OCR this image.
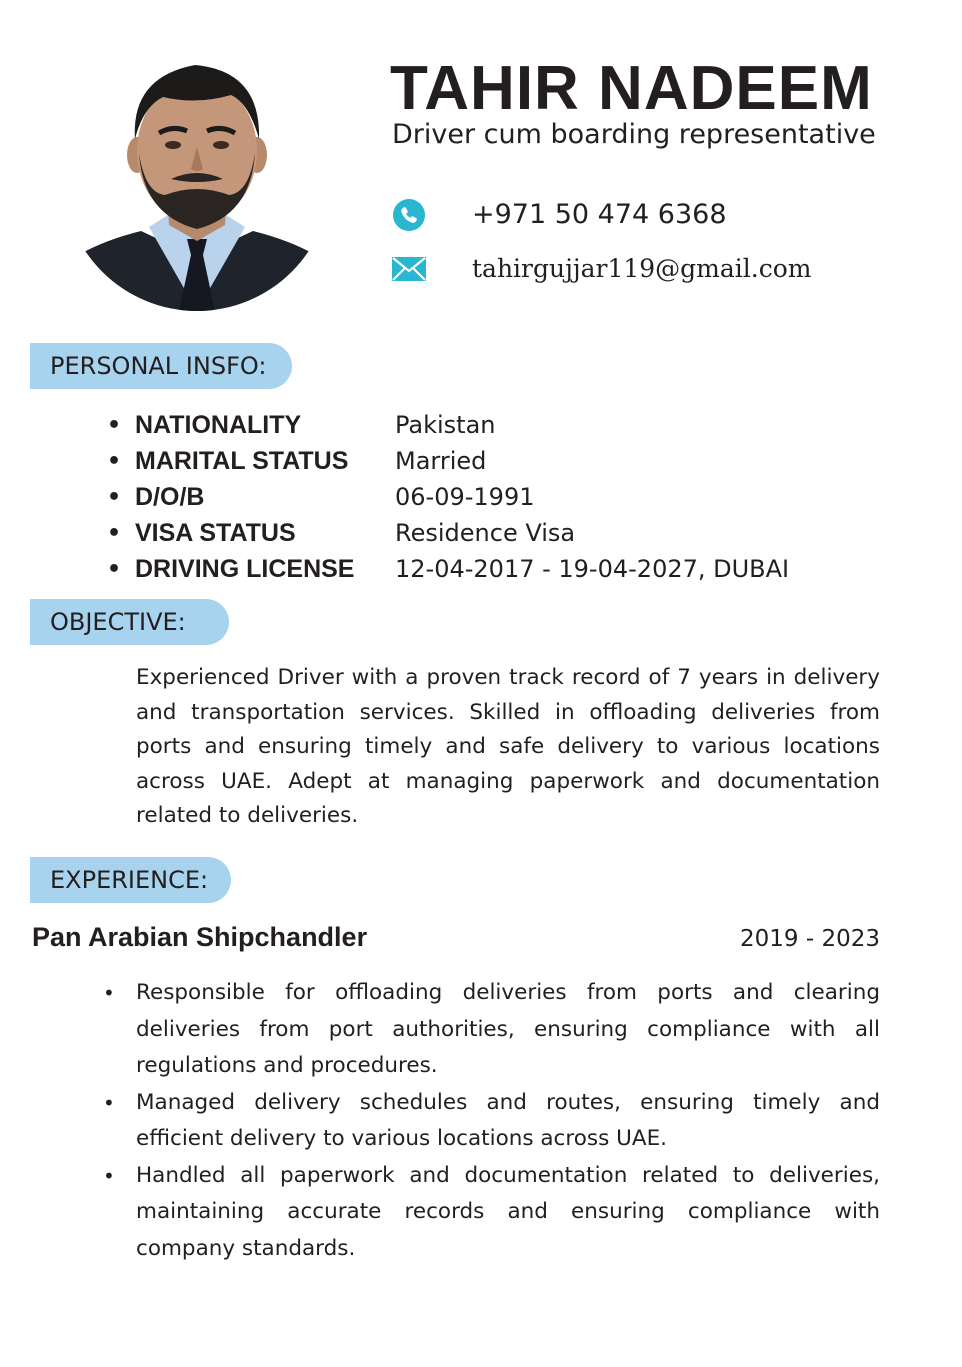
TAHIR NADEEM
Driver cum boarding representative
+971 50 474 6368
tahirgujjar119@gmail.com
PERSONAL INSFO:
• NATIONALITY	Pakistan
• MARITAL STATUS	Married
• D/O/B	06-09-1991
• VISA STATUS	Residence Visa
• DRIVING LICENSE	12-04-2017 - 19-04-2027, DUBAI
OBJECTIVE:

Experienced Driver with a proven track record of 7 years in delivery and transportation services. Skilled in offloading deliveries from ports and ensuring timely and safe delivery to various locations across UAE. Adept at managing paperwork and documentation related to deliveries.

EXPERIENCE:
Pan Arabian Shipchandler	2019 - 2023
• Responsible for offloading deliveries from ports and clearing deliveries from port authorities, ensuring compliance with all regulations and procedures.
• Managed delivery schedules and routes, ensuring timely and efficient delivery to various locations across UAE.
• Handled all paperwork and documentation related to deliveries, maintaining accurate records and ensuring compliance with company standards.
